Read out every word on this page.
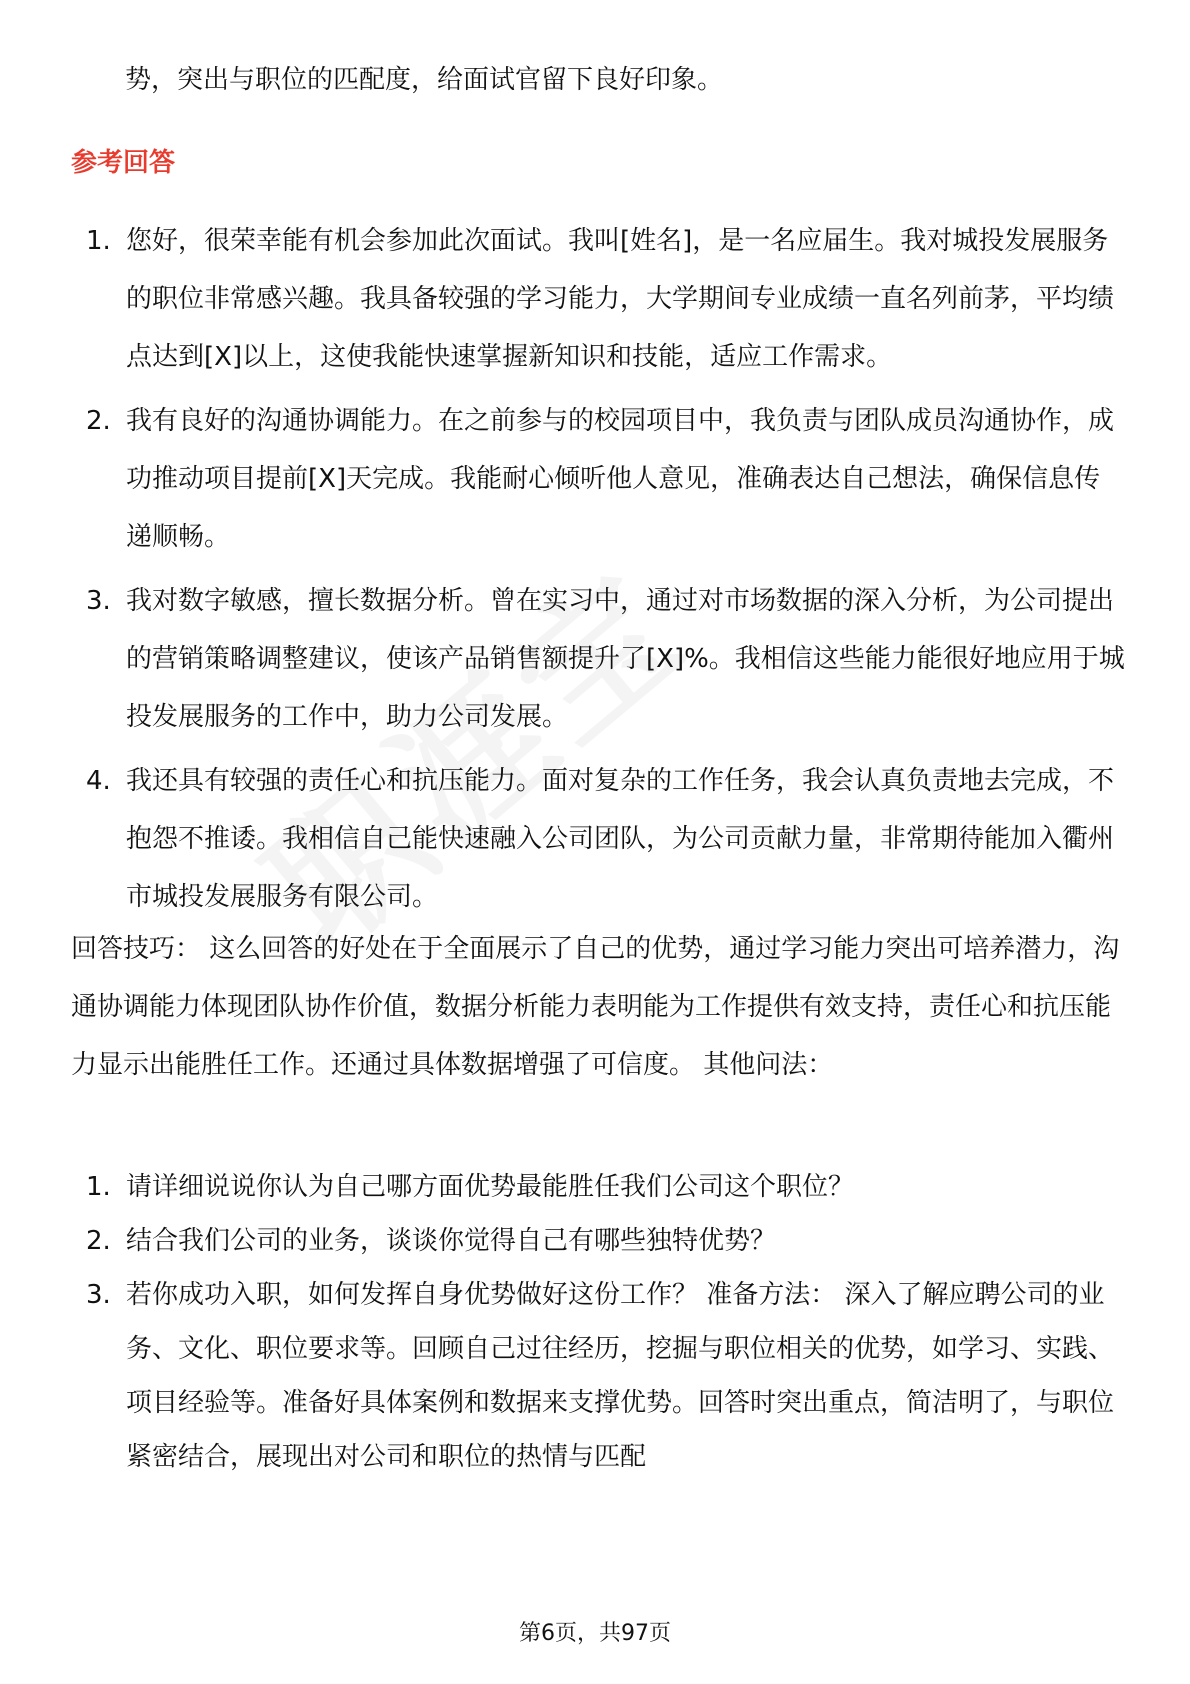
势，突出与职位的匹配度，给面试官留下良好印象。

参考回答
1. 您好，很荣幸能有机会参加此次面试。我叫[姓名]，是一名应届生。我对城投发展服务的职位非常感兴趣。我具备较强的学习能力，大学期间专业成绩一直名列前茅，平均绩点达到[X]以上，这使我能快速掌握新知识和技能，适应工作需求。
2. 我有良好的沟通协调能力。在之前参与的校园项目中，我负责与团队成员沟通协作，成功推动项目提前[X]天完成。我能耐心倾听他人意见，准确表达自己想法，确保信息传递顺畅。
3. 我对数字敏感，擅长数据分析。曾在实习中，通过对市场数据的深入分析，为公司提出的营销策略调整建议，使该产品销售额提升了[X]%。我相信这些能力能很好地应用于城投发展服务的工作中，助力公司发展。
4. 我还具有较强的责任心和抗压能力。面对复杂的工作任务，我会认真负责地去完成，不抱怨不推诿。我相信自己能快速融入公司团队，为公司贡献力量，非常期待能加入衢州市城投发展服务有限公司。

回答技巧： 这么回答的好处在于全面展示了自己的优势，通过学习能力突出可培养潜力，沟通协调能力体现团队协作价值，数据分析能力表明能为工作提供有效支持，责任心和抗压能力显示出能胜任工作。还通过具体数据增强了可信度。 其他问法：

1. 请详细说说你认为自己哪方面优势最能胜任我们公司这个职位？
2. 结合我们公司的业务，谈谈你觉得自己有哪些独特优势？
3. 若你成功入职，如何发挥自身优势做好这份工作？ 准备方法： 深入了解应聘公司的业务、文化、职位要求等。回顾自己过往经历，挖掘与职位相关的优势，如学习、实践、项目经验等。准备好具体案例和数据来支撑优势。回答时突出重点，简洁明了，与职位紧密结合，展现出对公司和职位的热情与匹配
第6页，共97页
